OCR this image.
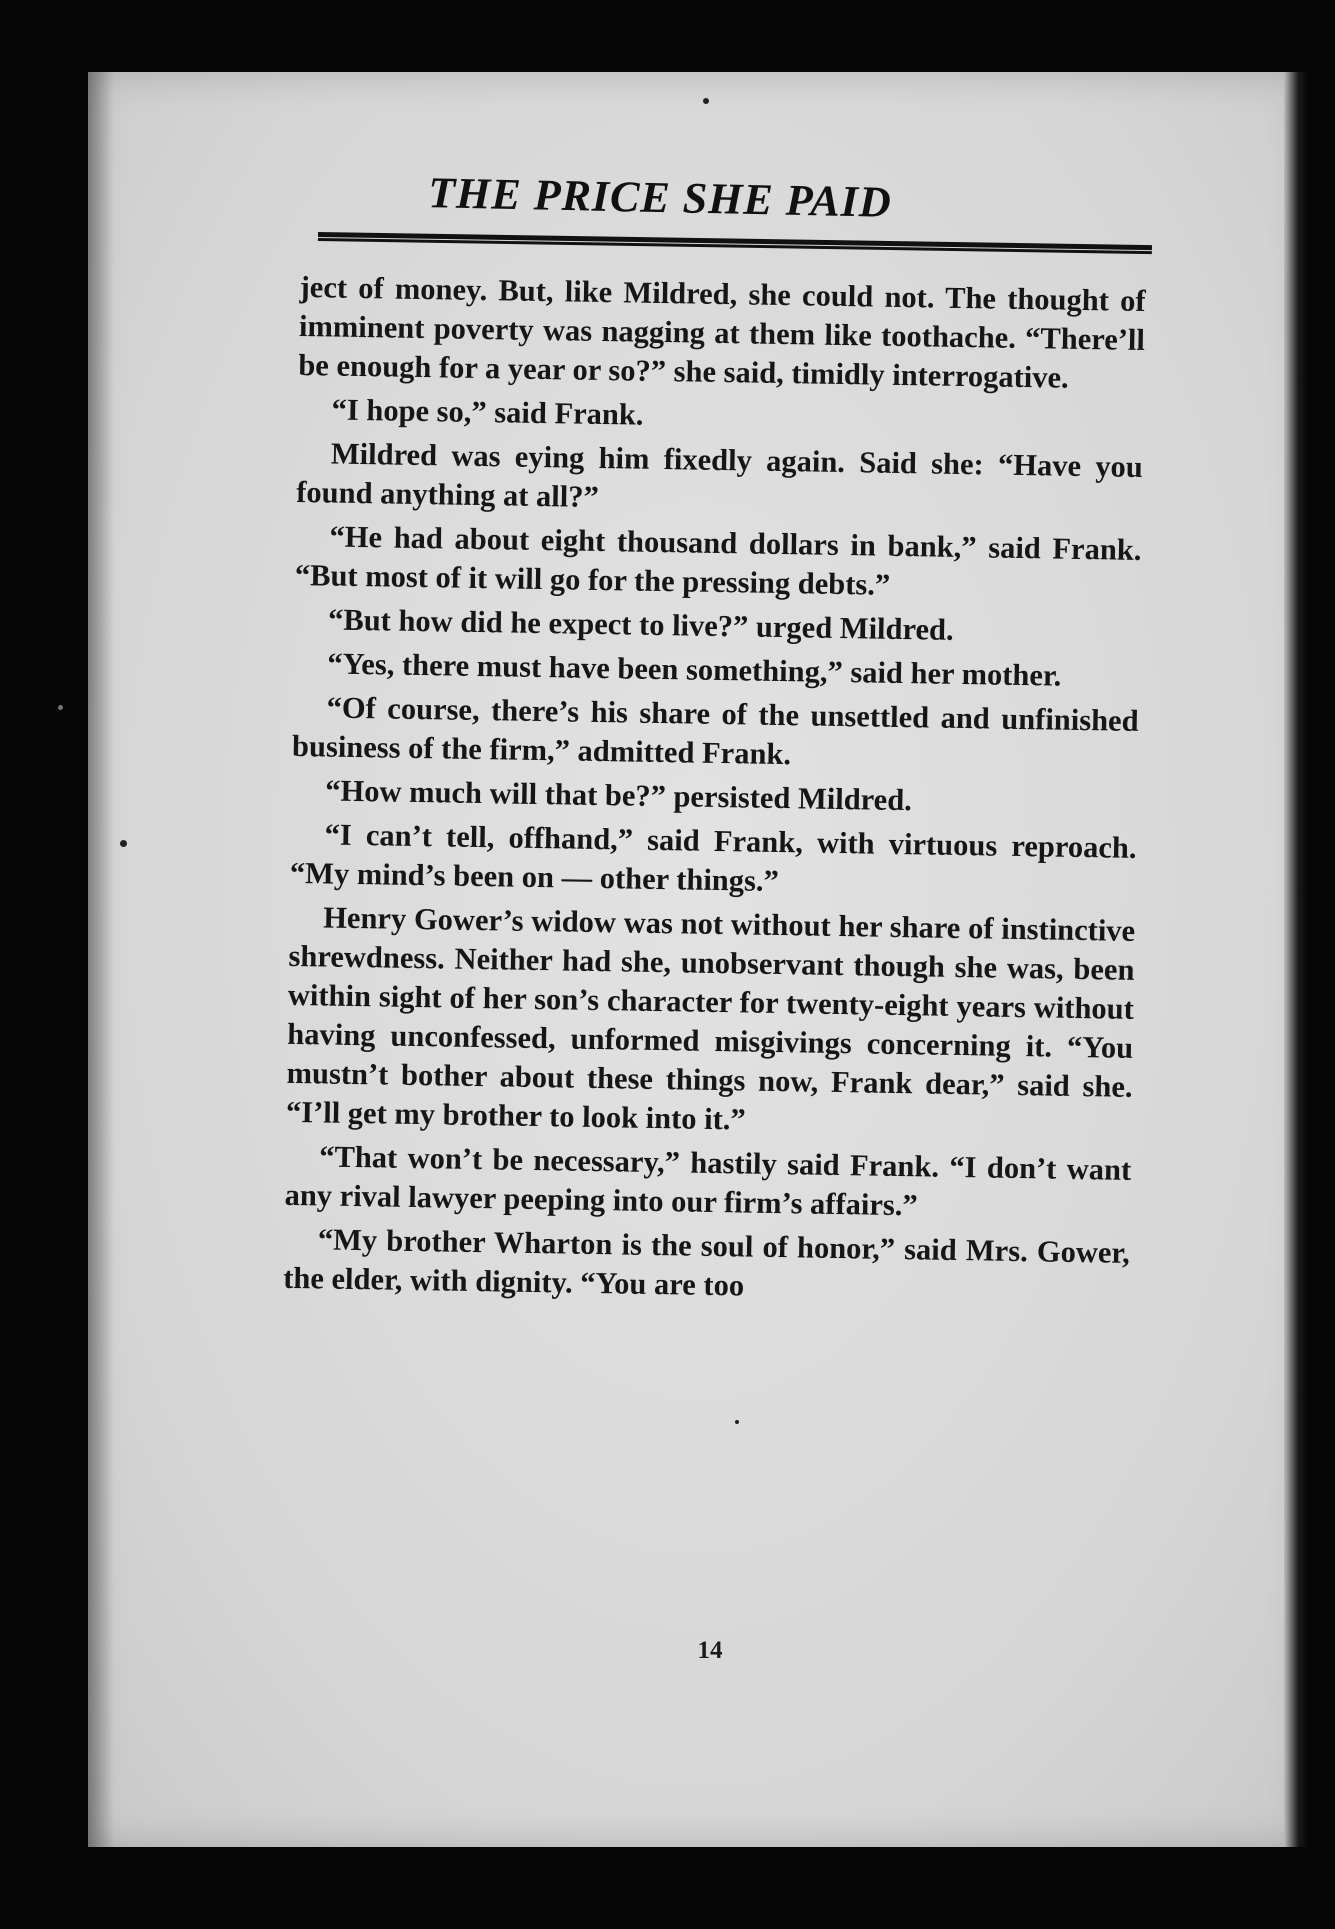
THE PRICE SHE PAID

ject of money. But, like Mildred, she could not. The thought of imminent poverty was nagging at them like toothache. “There’ll be enough for a year or so?” she said, timidly interrogative.

“I hope so,” said Frank.

Mildred was eying him fixedly again. Said she: “Have you found anything at all?”

“He had about eight thousand dollars in bank,” said Frank. “But most of it will go for the pressing debts.”

“But how did he expect to live?” urged Mildred.

“Yes, there must have been something,” said her mother.

“Of course, there’s his share of the unsettled and unfinished business of the firm,” admitted Frank.

“How much will that be?” persisted Mildred.

“I can’t tell, offhand,” said Frank, with virtuous reproach. “My mind’s been on — other things.”

Henry Gower’s widow was not without her share of instinctive shrewdness. Neither had she, unobservant though she was, been within sight of her son’s character for twenty-eight years without having unconfessed, unformed misgivings concerning it. “You mustn’t bother about these things now, Frank dear,” said she. “I’ll get my brother to look into it.”

“That won’t be necessary,” hastily said Frank. “I don’t want any rival lawyer peeping into our firm’s affairs.”

“My brother Wharton is the soul of honor,” said Mrs. Gower, the elder, with dignity. “You are too

14
